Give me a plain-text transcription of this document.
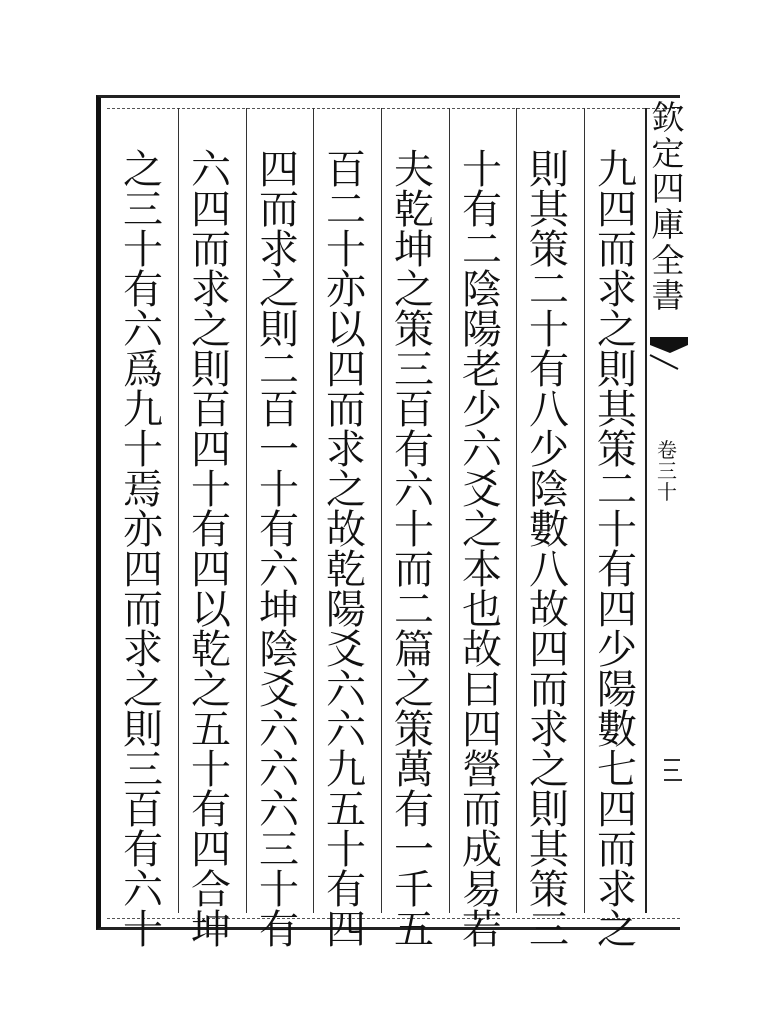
九
四
而
求
之
則
其
策
二
十
有
四
少
陽
數
七
四
而
求
之
則
其
策
二
十
有
八
少
陰
數
八
故
四
而
求
之
則
其
策
三
十
有
二
陰
陽
老
少
六
爻
之
本
也
故
曰
四
營
而
成
易
若
夫
乾
坤
之
策
三
百
有
六
十
而
二
篇
之
策
萬
有
一
千
五
百
二
十
亦
以
四
而
求
之
故
乾
陽
爻
六
六
九
五
十
有
四
四
而
求
之
則
二
百
一
十
有
六
坤
陰
爻
六
六
六
三
十
有
六
四
而
求
之
則
百
四
十
有
四
以
乾
之
五
十
有
四
合
坤
之
三
十
有
六
爲
九
十
焉
亦
四
而
求
之
則
三
百
有
六
十
欽
定
四
庫
全
書
卷
三
十
